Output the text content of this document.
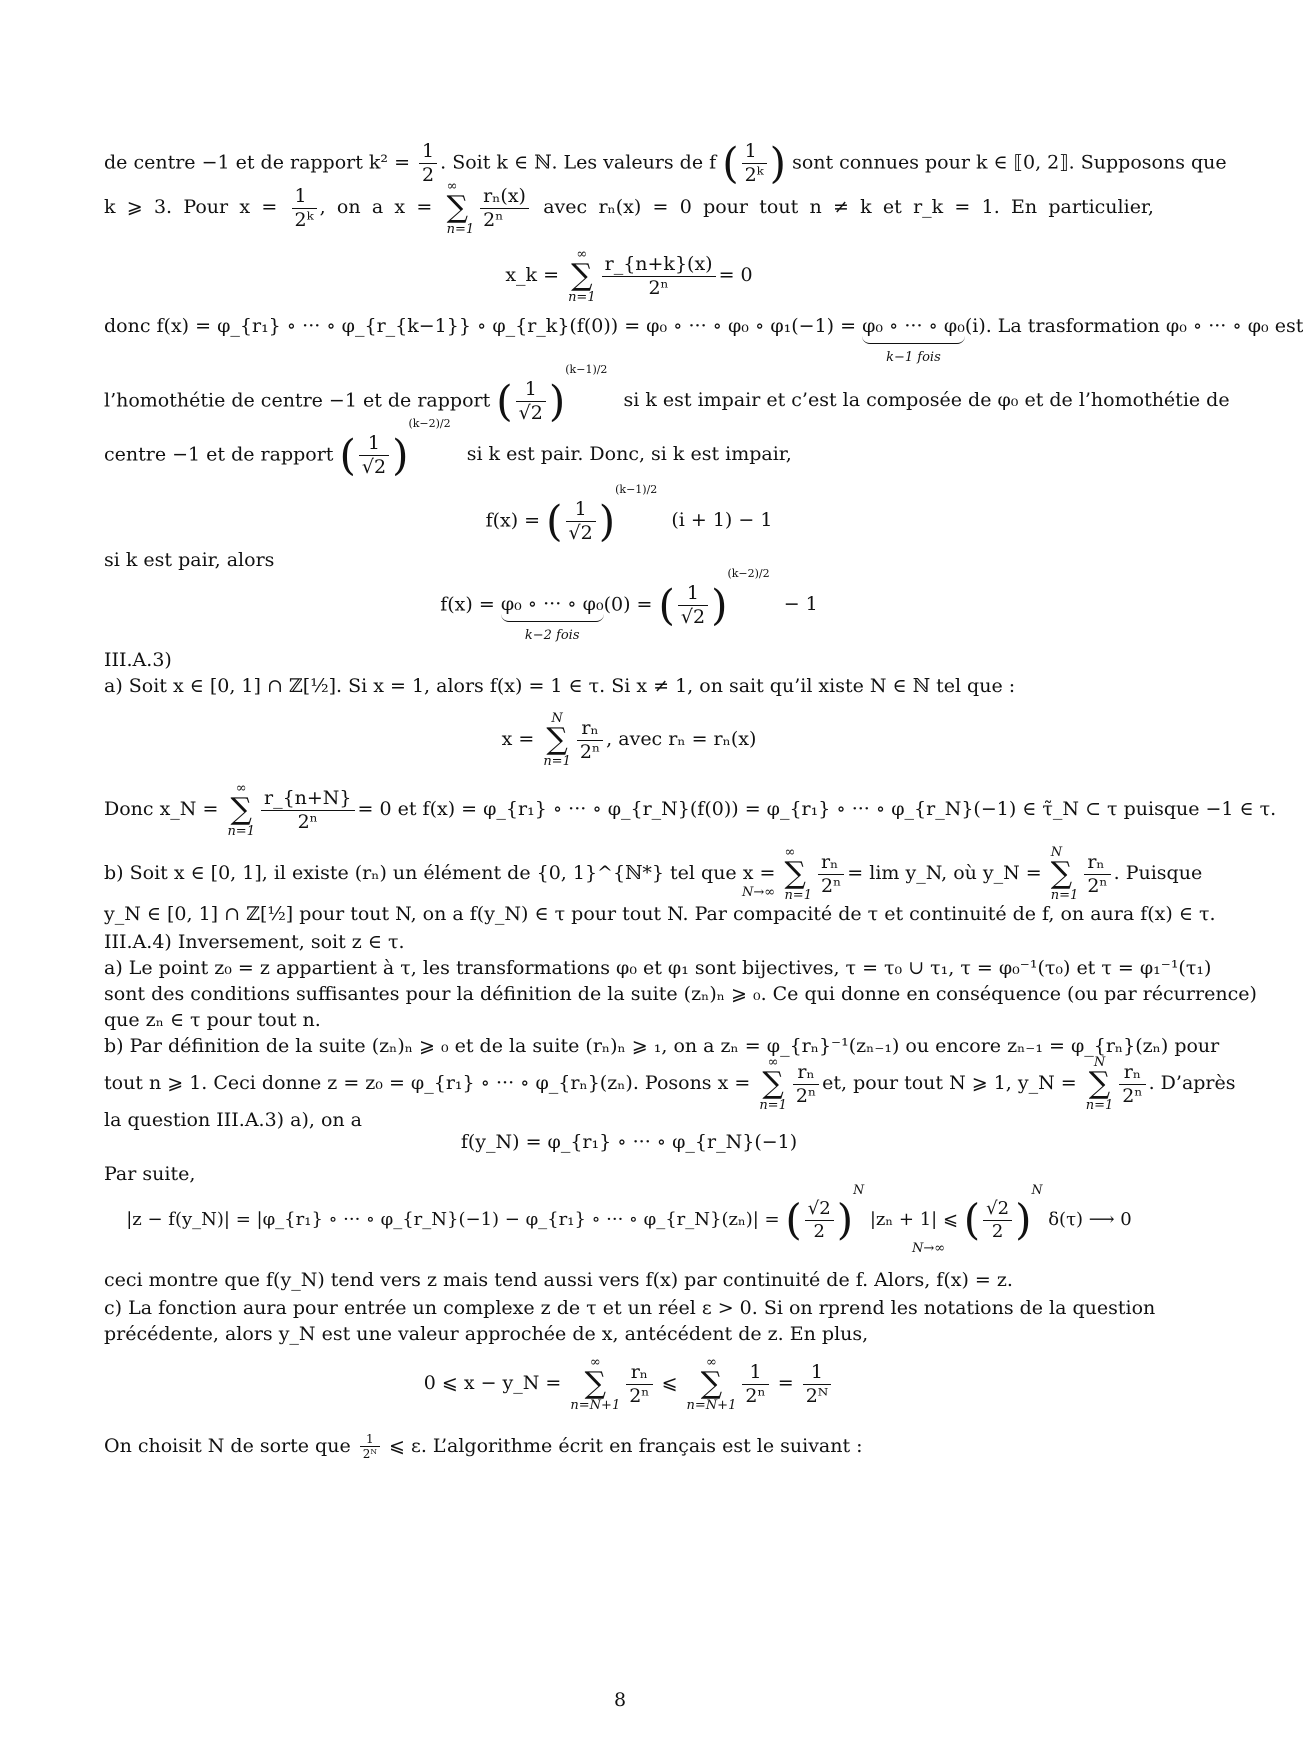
de centre −1 et de rapport $k^2 = \frac{1}{2}$ . Soit k ∈ ℕ. Les valeurs de f ( $\frac{1}{\text{2ᵏ}}$ ) sont connues pour k ∈ ⟦0, 2⟧. Supposons que
k ⩾ 3. Pour $x = \frac{1}{\text{2ᵏ}}$ , on a x =
∞
∑
$n=1 \frac{\text{rₙ(x)}}{\text{2ⁿ}}$ avec rₙ(x) = 0 pour tout n ≠ k et r_k = 1. En particulier,
x_k =
∞
∑
$n=1 \frac{r\_\{n+k\}(x)}{\text{2ⁿ}} = 0$
donc f(x) = φ_{r₁} ∘ ··· ∘ φ_{r_{k−1}} ∘ φ_{r_k}(f(0)) = φ₀ ∘ ··· ∘ φ₀ ∘ φ₁(−1) = φ₀ ∘ ··· ∘ φ₀
k−1 fois
(i). La trasformation φ₀ ∘ ··· ∘ φ₀ est
l’homothétie de centre −1 et de rapport ( $\frac{1}{√2} )^{(k-1)/2}$ si k est impair et c’est la composée de φ₀ et de l’homothétie de
centre −1 et de rapport ( $\frac{1}{√2} )^{(k-2)/2}$ si k est pair. Donc, si k est impair,
f(x) = ( $\frac{1}{√2} )^{(k-1)/2}$ (i + 1) − 1
si k est pair, alors
f(x) = φ₀ ∘ ··· ∘ φ₀
k−2 fois
(0) = ( $\frac{1}{√2} )^{(k-2)/2} - 1$
III.A.3)
a) Soit x ∈ [0, 1] ∩ ℤ[½]. Si x = 1, alors f(x) = 1 ∈ τ. Si x ≠ 1, on sait qu’il xiste N ∈ ℕ tel que :
x =
N
∑
$n=1 \frac{\text{rₙ}}{\text{2ⁿ}}$ , avec rₙ = rₙ(x)
Donc x_N =
∞
∑
$n=1 \frac{r\_\{n+N\}}{\text{2ⁿ}} = 0$ et f(x) = φ_{r₁} ∘ ··· ∘ φ_{r_N}(f(0)) = φ_{r₁} ∘ ··· ∘ φ_{r_N}(−1) ∈ τ̃_N ⊂ τ puisque −1 ∈ τ.
b) Soit x ∈ [0, 1], il existe (rₙ) un élément de {0, 1}^{ℕ*} tel que x =
∞
∑
$n=1 \frac{\text{rₙ}}{\text{2ⁿ}} = \lim$ y_N, où y_N =
N
∑
$n=1 \frac{\text{rₙ}}{\text{2ⁿ}}$ . Puisque
N→∞
y_N ∈ [0, 1] ∩ ℤ[½] pour tout N, on a f(y_N) ∈ τ pour tout N. Par compacité de τ et continuité de f, on aura f(x) ∈ τ.
III.A.4) Inversement, soit z ∈ τ.
a) Le point z₀ = z appartient à τ, les transformations φ₀ et φ₁ sont bijectives, τ = τ₀ ∪ τ₁, τ = φ₀⁻¹(τ₀) et τ = φ₁⁻¹(τ₁)
sont des conditions suffisantes pour la définition de la suite (zₙ)ₙ ⩾ ₀. Ce qui donne en conséquence (ou par récurrence)
que zₙ ∈ τ pour tout n.
b) Par définition de la suite (zₙ)ₙ ⩾ ₀ et de la suite (rₙ)ₙ ⩾ ₁, on a zₙ = φ_{rₙ}⁻¹(zₙ₋₁) ou encore zₙ₋₁ = φ_{rₙ}(zₙ) pour
tout n ⩾ 1. Ceci donne z = z₀ = φ_{r₁} ∘ ··· ∘ φ_{rₙ}(zₙ). Posons x =
∞
∑
$n=1 \frac{\text{rₙ}}{\text{2ⁿ}}$ et, pour tout N ⩾ 1, y_N =
N
∑
$n=1 \frac{\text{rₙ}}{\text{2ⁿ}}$ . D’après
la question III.A.3) a), on a
f(y_N) = φ_{r₁} ∘ ··· ∘ φ_{r_N}(−1)
Par suite,
|z − f(y_N)| = |φ_{r₁} ∘ ··· ∘ φ_{r_N}(−1) − φ_{r₁} ∘ ··· ∘ φ_{r_N}(zₙ)| = ( $\frac{√2}{2} )^N$ |zₙ + 1| ⩽ ( $\frac{√2}{2} )^N$ δ(τ) ⟶ 0
N→∞
ceci montre que f(y_N) tend vers z mais tend aussi vers f(x) par continuité de f. Alors, f(x) = z.
c) La fonction aura pour entrée un complexe z de τ et un réel ε > 0. Si on rprend les notations de la question
précédente, alors y_N est une valeur approchée de x, antécédent de z. En plus,
0 ⩽ x − y_N =
∞
∑
$n=N+1 \frac{\text{rₙ}}{\text{2ⁿ}}$ ⩽
∞
∑
$n=N+1 \frac{1}{\text{2ⁿ}} = \frac{1}{\text{2ᴺ}}$
On choisit N de sorte que $\frac{1}{\text{2ᴺ}}$ ⩽ ε. L’algorithme écrit en français est le suivant :
8
